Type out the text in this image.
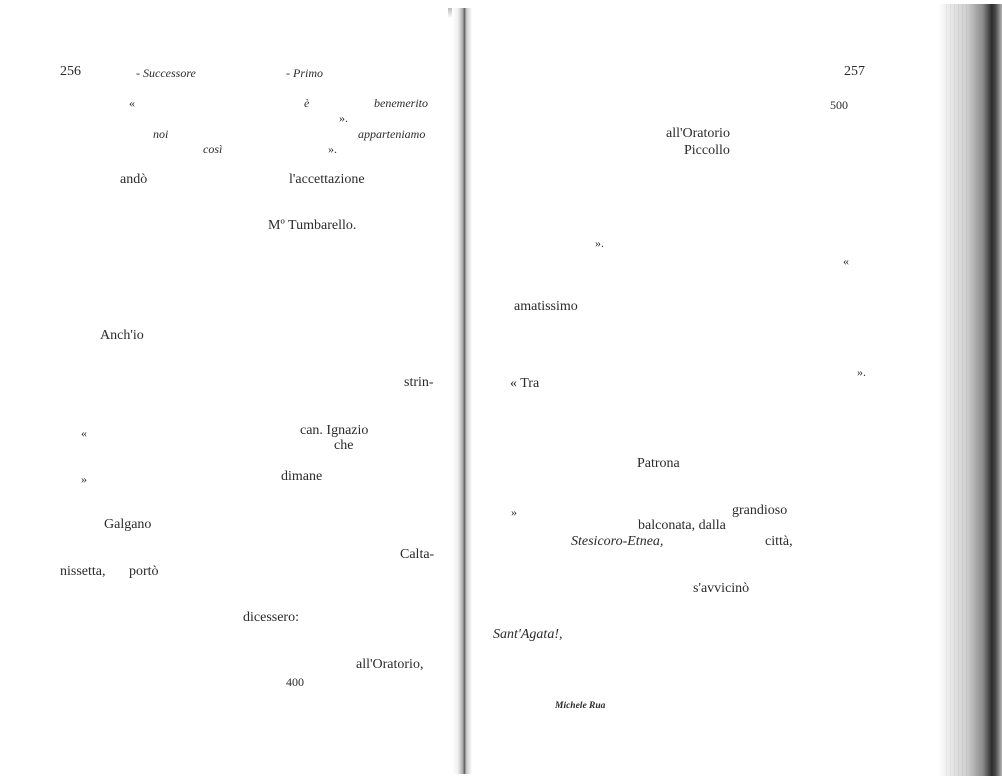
256	- Successore	- Primo
«	è	benemerito
».
noi	apparteniamo
così	».
andò	l'accettazione
Mº Tumbarello.
Anch'io
strin-
«	can. Ignazio
che
»	dimane
Galgano
Calta-
nissetta, portò
dicessero:
all'Oratorio,
400
257
500
all'Oratorio
Piccollo
».
«
amatissimo
».
« Tra
Patrona
»	grandioso
balconata, dalla
Stesicoro-Etnea,	città,
s'avvicinò
Sant'Agata!,
Michele Rua
